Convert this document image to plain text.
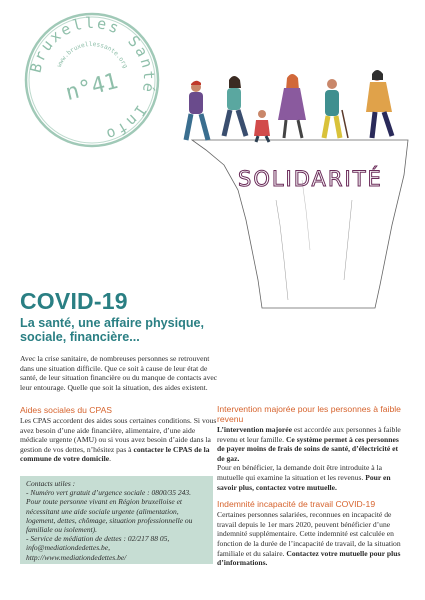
Bruxelles Santé Info
www.bruxellessante.org
n°41
SOLIDARITÉ
COVID-19
La santé, une affaire physique, sociale, financière...
Avec la crise sanitaire, de nombreuses personnes se retrouvent dans une situation difficile. Que ce soit à cause de leur état de santé, de leur situation financière ou du manque de contacts avec leur entourage. Quelle que soit la situation, des aides existent.
Aides sociales du CPAS
Les CPAS accordent des aides sous certaines conditions. Si vous avez besoin d’une aide financière, alimentaire, d’une aide médicale urgente (AMU) ou si vous avez besoin d’aide dans la gestion de vos dettes, n’hésitez pas à contacter le CPAS de la commune de votre domicile.
Contacts utiles :
- Numéro vert gratuit d’urgence sociale : 0800/35 243. Pour toute personne vivant en Région bruxelloise et nécessitant une aide sociale urgente (alimentation, logement, dettes, chômage, situation professionnelle ou familiale ou isolement).
- Service de médiation de dettes : 02/217 88 05, info@mediationdedettes.be, http://www.mediationdedettes.be/
Intervention majorée pour les personnes à faible revenu
L’intervention majorée est accordée aux personnes à faible revenu et leur famille. Ce système permet à ces personnes de payer moins de frais de soins de santé, d’électricité et de gaz.
Pour en bénéficier, la demande doit être introduite à la mutuelle qui examine la situation et les revenus. Pour en savoir plus, contactez votre mutuelle.
Indemnité incapacité de travail COVID-19
Certaines personnes salariées, reconnues en incapacité de travail depuis le 1er mars 2020, peuvent bénéficier d’une indemnité supplémentaire. Cette indemnité est calculée en fonction de la durée de l’incapacité de travail, de la situation familiale et du salaire. Contactez votre mutuelle pour plus d’informations.
